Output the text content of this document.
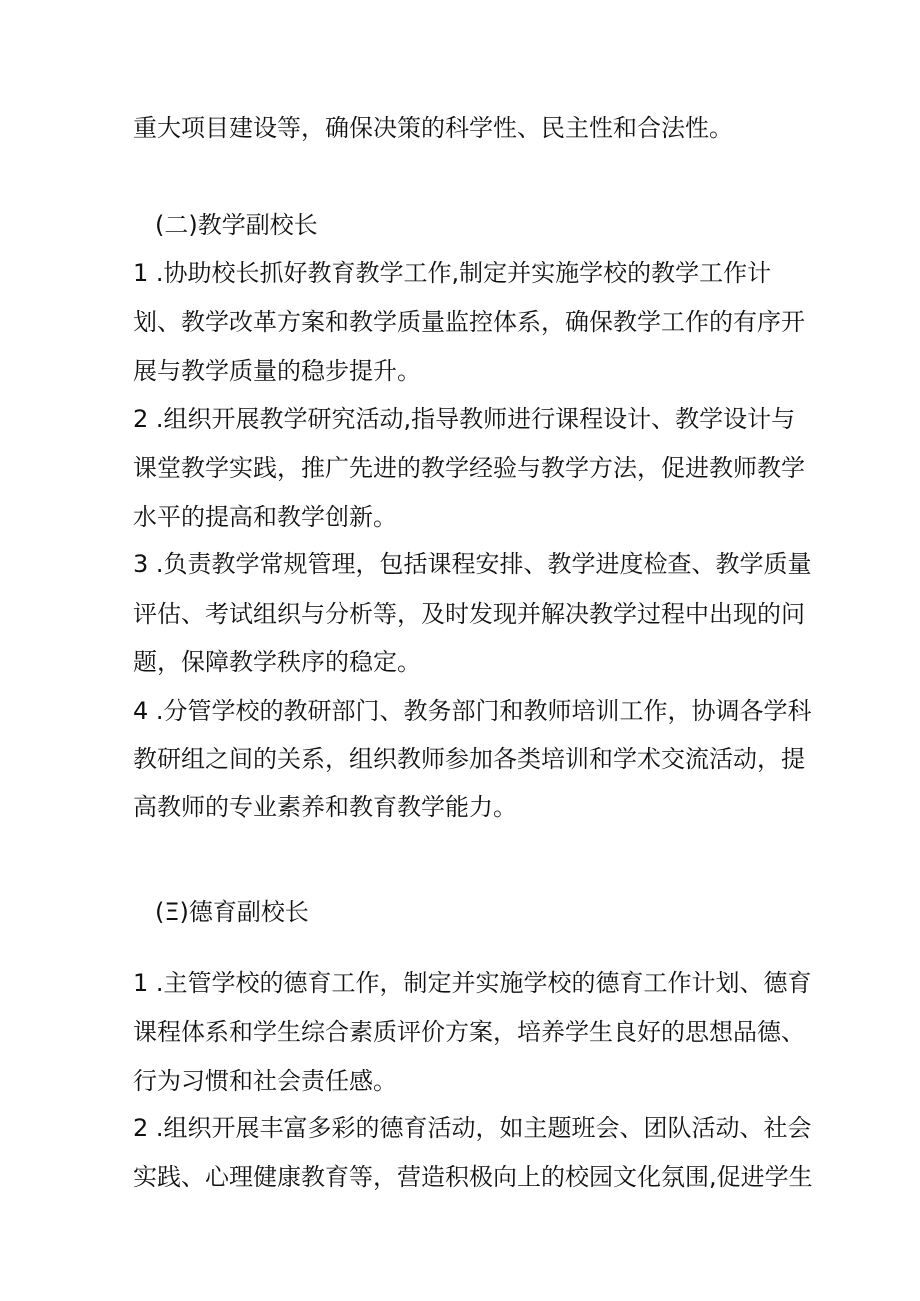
重大项目建设等，确保决策的科学性、民主性和合法性。
(二)教学副校长
1 .协助校长抓好教育教学工作,制定并实施学校的教学工作计
划、教学改革方案和教学质量监控体系，确保教学工作的有序开
展与教学质量的稳步提升。
2 .组织开展教学研究活动,指导教师进行课程设计、教学设计与
课堂教学实践，推广先进的教学经验与教学方法，促进教师教学
水平的提高和教学创新。
3 .负责教学常规管理，包括课程安排、教学进度检查、教学质量
评估、考试组织与分析等，及时发现并解决教学过程中出现的问
题，保障教学秩序的稳定。
4 .分管学校的教研部门、教务部门和教师培训工作，协调各学科
教研组之间的关系，组织教师参加各类培训和学术交流活动，提
高教师的专业素养和教育教学能力。
(Ξ)德育副校长
1 .主管学校的德育工作，制定并实施学校的德育工作计划、德育
课程体系和学生综合素质评价方案，培养学生良好的思想品德、
行为习惯和社会责任感。
2 .组织开展丰富多彩的德育活动，如主题班会、团队活动、社会
实践、心理健康教育等，营造积极向上的校园文化氛围,促进学生
